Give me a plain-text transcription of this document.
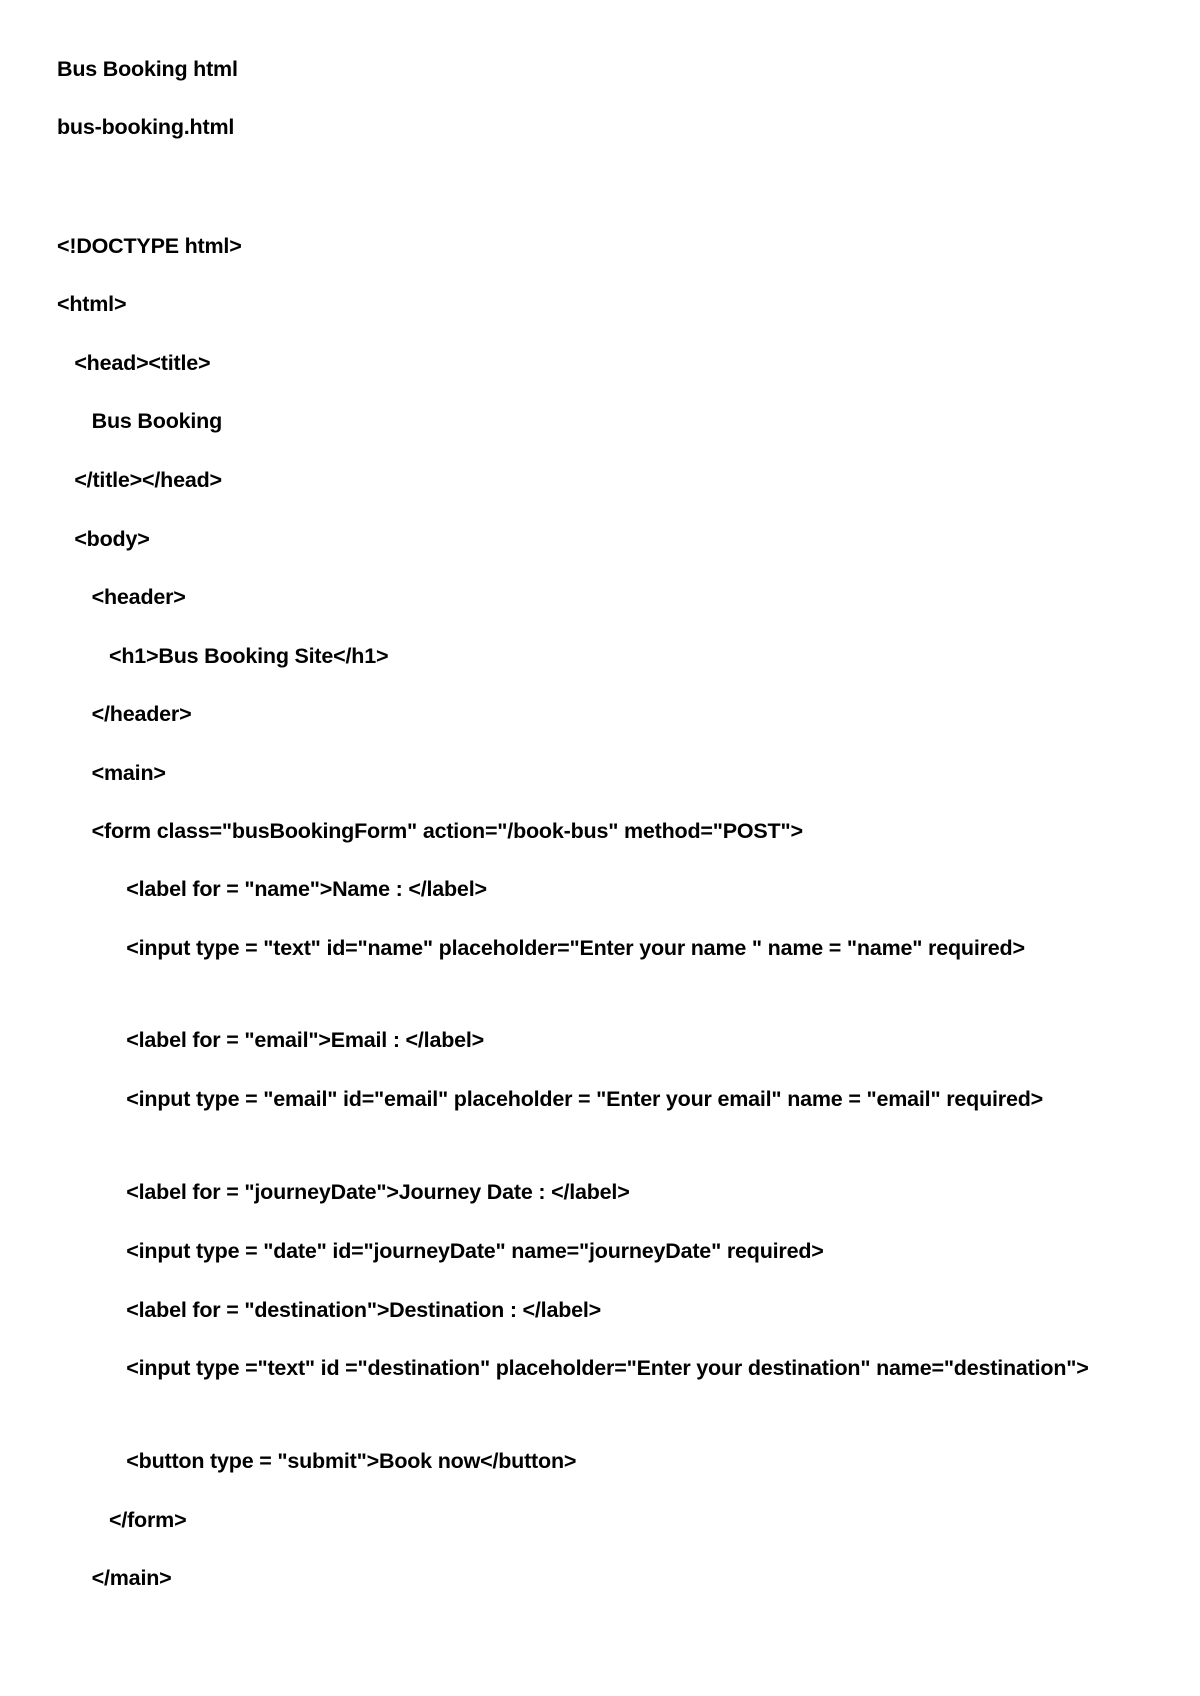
Bus Booking html
bus-booking.html
<!DOCTYPE html>
<html>
<head><title>
Bus Booking
</title></head>
<body>
<header>
<h1>Bus Booking Site</h1>
</header>
<main>
<form class="busBookingForm" action="/book-bus" method="POST">
<label for = "name">Name : </label>
<input type = "text" id="name" placeholder="Enter your name " name = "name" required>
<label for = "email">Email : </label>
<input type = "email" id="email" placeholder = "Enter your email" name = "email" required>
<label for = "journeyDate">Journey Date : </label>
<input type = "date" id="journeyDate" name="journeyDate" required>
<label for = "destination">Destination : </label>
<input type ="text" id ="destination" placeholder="Enter your destination" name="destination">
<button type = "submit">Book now</button>
</form>
</main>
